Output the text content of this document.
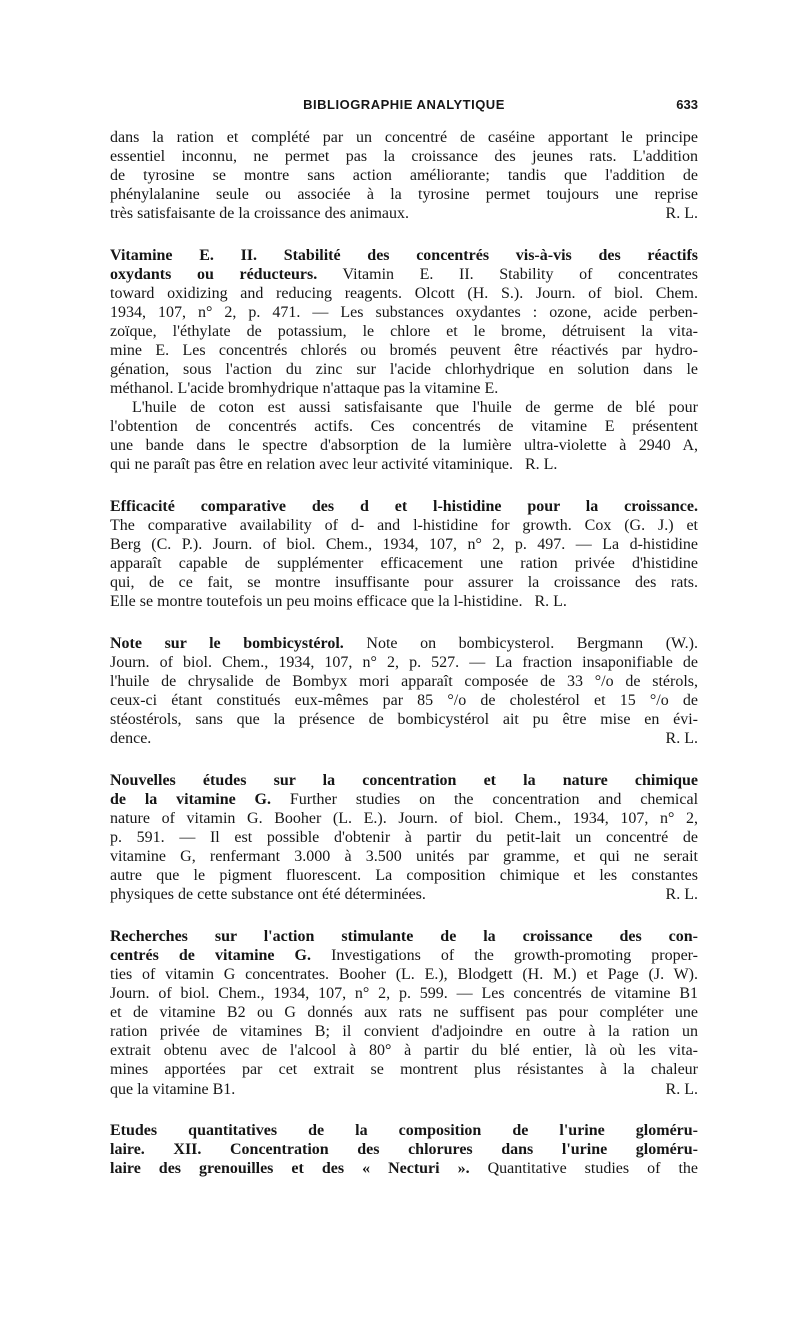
BIBLIOGRAPHIE ANALYTIQUE	633
dans la ration et complété par un concentré de caséine apportant le principe
essentiel inconnu, ne permet pas la croissance des jeunes rats. L'addition
de tyrosine se montre sans action améliorante; tandis que l'addition de
phénylalanine seule ou associée à la tyrosine permet toujours une reprise
très satisfaisante de la croissance des animaux.	R. L.
Vitamine E. II. Stabilité des concentrés vis-à-vis des réactifs
oxydants ou réducteurs. Vitamin E. II. Stability of concentrates
toward oxidizing and reducing reagents. Olcott (H. S.). Journ. of biol. Chem.
1934, 107, n° 2, p. 471. — Les substances oxydantes : ozone, acide perben-
zoïque, l'éthylate de potassium, le chlore et le brome, détruisent la vita-
mine E. Les concentrés chlorés ou bromés peuvent être réactivés par hydro-
génation, sous l'action du zinc sur l'acide chlorhydrique en solution dans le
méthanol. L'acide bromhydrique n'attaque pas la vitamine E.
L'huile de coton est aussi satisfaisante que l'huile de germe de blé pour
l'obtention de concentrés actifs. Ces concentrés de vitamine E présentent
une bande dans le spectre d'absorption de la lumière ultra-violette à 2940 A,
qui ne paraît pas être en relation avec leur activité vitaminique. R. L.
Efficacité comparative des d et l-histidine pour la croissance.
The comparative availability of d- and l-histidine for growth. Cox (G. J.) et
Berg (C. P.). Journ. of biol. Chem., 1934, 107, n° 2, p. 497. — La d-histidine
apparaît capable de supplémenter efficacement une ration privée d'histidine
qui, de ce fait, se montre insuffisante pour assurer la croissance des rats.
Elle se montre toutefois un peu moins efficace que la l-histidine. R. L.
Note sur le bombicystérol. Note on bombicysterol. Bergmann (W.).
Journ. of biol. Chem., 1934, 107, n° 2, p. 527. — La fraction insaponifiable de
l'huile de chrysalide de Bombyx mori apparaît composée de 33 °/o de stérols,
ceux-ci étant constitués eux-mêmes par 85 °/o de cholestérol et 15 °/o de
stéostérols, sans que la présence de bombicystérol ait pu être mise en évi-
dence.	R. L.
Nouvelles études sur la concentration et la nature chimique
de la vitamine G. Further studies on the concentration and chemical
nature of vitamin G. Booher (L. E.). Journ. of biol. Chem., 1934, 107, n° 2,
p. 591. — Il est possible d'obtenir à partir du petit-lait un concentré de
vitamine G, renfermant 3.000 à 3.500 unités par gramme, et qui ne serait
autre que le pigment fluorescent. La composition chimique et les constantes
physiques de cette substance ont été déterminées.	R. L.
Recherches sur l'action stimulante de la croissance des con-
centrés de vitamine G. Investigations of the growth-promoting proper-
ties of vitamin G concentrates. Booher (L. E.), Blodgett (H. M.) et Page (J. W).
Journ. of biol. Chem., 1934, 107, n° 2, p. 599. — Les concentrés de vitamine B1
et de vitamine B2 ou G donnés aux rats ne suffisent pas pour compléter une
ration privée de vitamines B; il convient d'adjoindre en outre à la ration un
extrait obtenu avec de l'alcool à 80° à partir du blé entier, là où les vita-
mines apportées par cet extrait se montrent plus résistantes à la chaleur
que la vitamine B1.	R. L.
Etudes quantitatives de la composition de l'urine gloméru-
laire. XII. Concentration des chlorures dans l'urine gloméru-
laire des grenouilles et des « Necturi ». Quantitative studies of the
